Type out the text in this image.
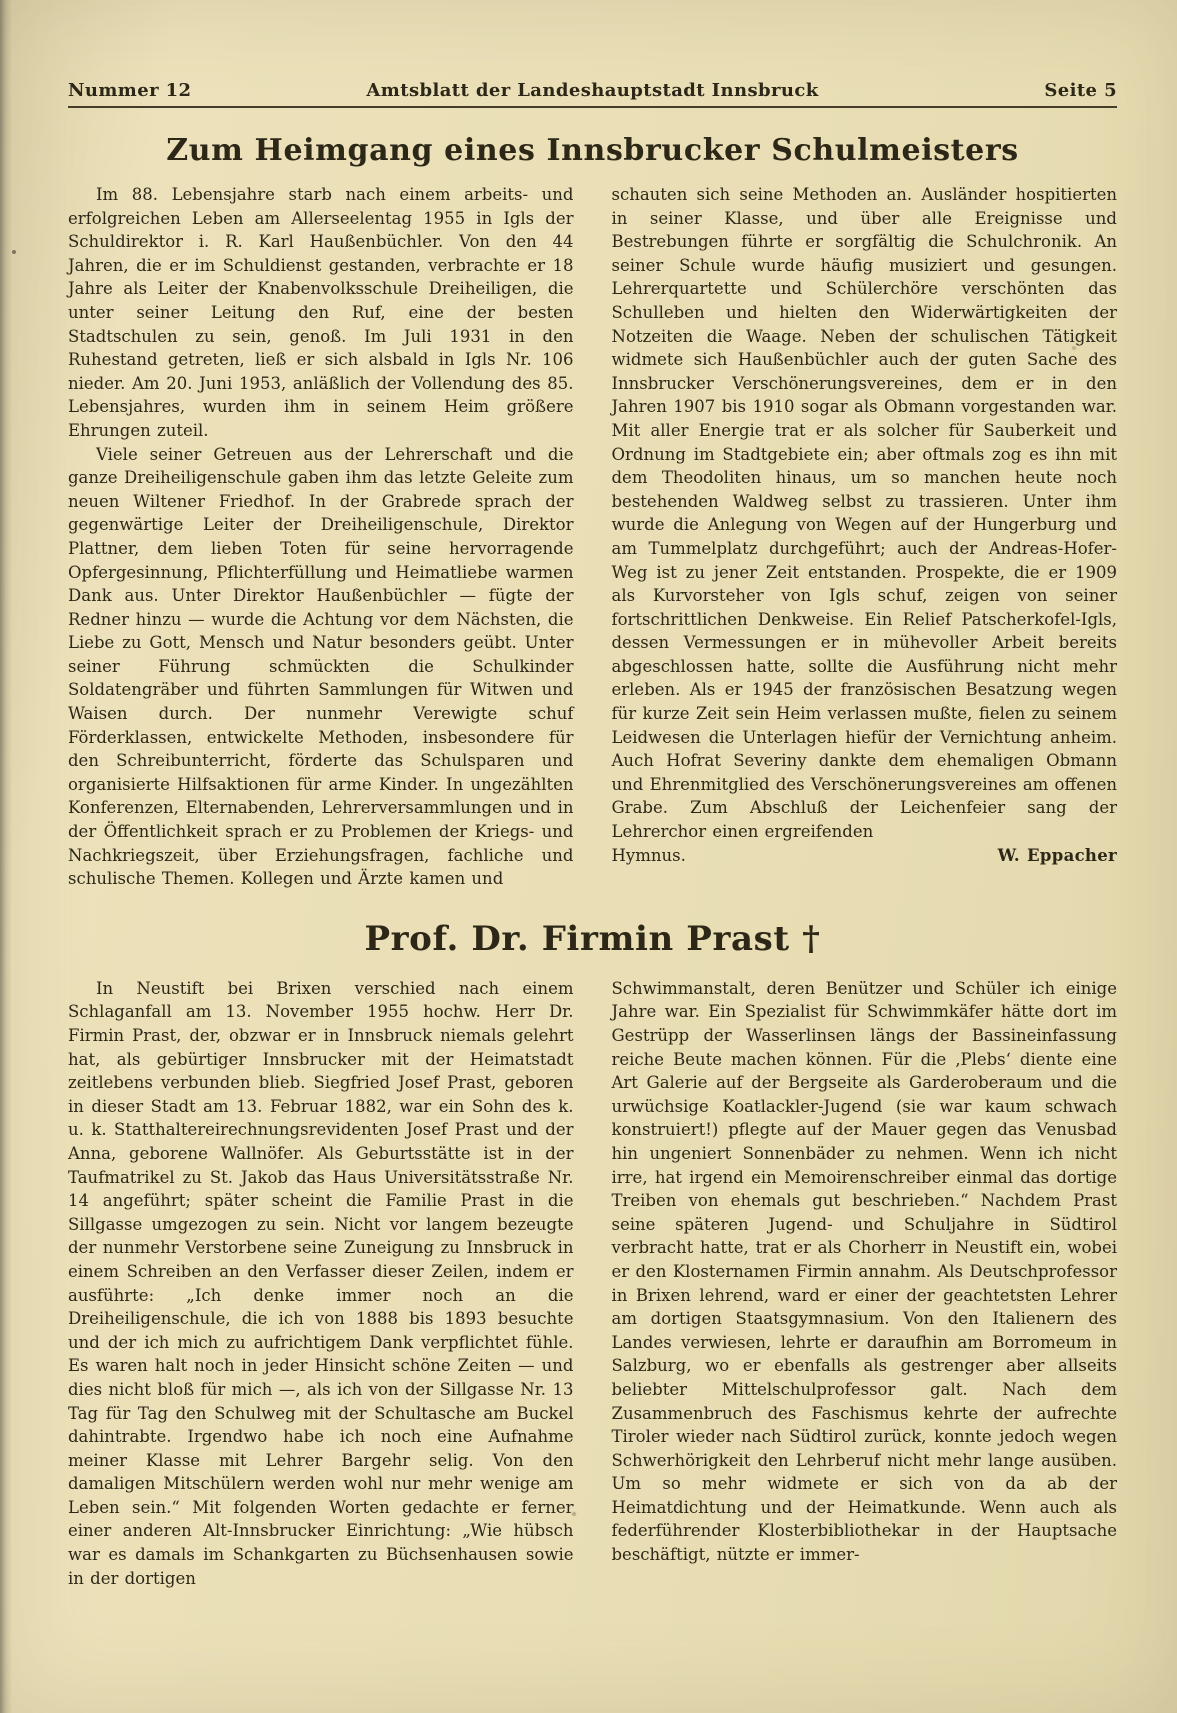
Nummer 12	Amtsblatt der Landeshauptstadt Innsbruck	Seite 5
Zum Heimgang eines Innsbrucker Schulmeisters

Im 88. Lebensjahre starb nach einem arbeits- und erfolgreichen Leben am Allerseelentag 1955 in Igls der Schuldirektor i. R. Karl Haußenbüchler. Von den 44 Jahren, die er im Schuldienst gestanden, verbrachte er 18 Jahre als Leiter der Knabenvolksschule Dreiheiligen, die unter seiner Leitung den Ruf, eine der besten Stadtschulen zu sein, genoß. Im Juli 1931 in den Ruhestand getreten, ließ er sich alsbald in Igls Nr. 106 nieder. Am 20. Juni 1953, anläßlich der Vollendung des 85. Lebensjahres, wurden ihm in seinem Heim größere Ehrungen zuteil.

Viele seiner Getreuen aus der Lehrerschaft und die ganze Dreiheiligenschule gaben ihm das letzte Geleite zum neuen Wiltener Friedhof. In der Grabrede sprach der gegenwärtige Leiter der Dreiheiligenschule, Direktor Plattner, dem lieben Toten für seine hervorragende Opfergesinnung, Pflichterfüllung und Heimatliebe warmen Dank aus. Unter Direktor Haußenbüchler — fügte der Redner hinzu — wurde die Achtung vor dem Nächsten, die Liebe zu Gott, Mensch und Natur besonders geübt. Unter seiner Führung schmückten die Schulkinder Soldatengräber und führten Sammlungen für Witwen und Waisen durch. Der nunmehr Verewigte schuf Förderklassen, entwickelte Methoden, insbesondere für den Schreibunterricht, förderte das Schulsparen und organisierte Hilfsaktionen für arme Kinder. In ungezählten Konferenzen, Elternabenden, Lehrerversammlungen und in der Öffentlichkeit sprach er zu Problemen der Kriegs- und Nachkriegszeit, über Erziehungsfragen, fachliche und schulische Themen. Kollegen und Ärzte kamen und

schauten sich seine Methoden an. Ausländer hospitierten in seiner Klasse, und über alle Ereignisse und Bestrebungen führte er sorgfältig die Schulchronik. An seiner Schule wurde häufig musiziert und gesungen. Lehrerquartette und Schülerchöre verschönten das Schulleben und hielten den Widerwärtigkeiten der Notzeiten die Waage. Neben der schulischen Tätigkeit widmete sich Haußenbüchler auch der guten Sache des Innsbrucker Verschönerungsvereines, dem er in den Jahren 1907 bis 1910 sogar als Obmann vorgestanden war. Mit aller Energie trat er als solcher für Sauberkeit und Ordnung im Stadtgebiete ein; aber oftmals zog es ihn mit dem Theodoliten hinaus, um so manchen heute noch bestehenden Waldweg selbst zu trassieren. Unter ihm wurde die Anlegung von Wegen auf der Hungerburg und am Tummelplatz durchgeführt; auch der Andreas-Hofer-Weg ist zu jener Zeit entstanden. Prospekte, die er 1909 als Kurvorsteher von Igls schuf, zeigen von seiner fortschrittlichen Denkweise. Ein Relief Patscherkofel-Igls, dessen Vermessungen er in mühevoller Arbeit bereits abgeschlossen hatte, sollte die Ausführung nicht mehr erleben. Als er 1945 der französischen Besatzung wegen für kurze Zeit sein Heim verlassen mußte, fielen zu seinem Leidwesen die Unterlagen hiefür der Vernichtung anheim. Auch Hofrat Severiny dankte dem ehemaligen Obmann und Ehrenmitglied des Verschönerungsvereines am offenen Grabe. Zum Abschluß der Leichenfeier sang der Lehrerchor einen ergreifenden

Hymnus.	W. Eppacher
Prof. Dr. Firmin Prast †

In Neustift bei Brixen verschied nach einem Schlaganfall am 13. November 1955 hochw. Herr Dr. Firmin Prast, der, obzwar er in Innsbruck niemals gelehrt hat, als gebürtiger Innsbrucker mit der Heimatstadt zeitlebens verbunden blieb. Siegfried Josef Prast, geboren in dieser Stadt am 13. Februar 1882, war ein Sohn des k. u. k. Statthaltereirechnungsrevidenten Josef Prast und der Anna, geborene Wallnöfer. Als Geburtsstätte ist in der Taufmatrikel zu St. Jakob das Haus Universitätsstraße Nr. 14 angeführt; später scheint die Familie Prast in die Sillgasse umgezogen zu sein. Nicht vor langem bezeugte der nunmehr Verstorbene seine Zuneigung zu Innsbruck in einem Schreiben an den Verfasser dieser Zeilen, indem er ausführte: „Ich denke immer noch an die Dreiheiligenschule, die ich von 1888 bis 1893 besuchte und der ich mich zu aufrichtigem Dank verpflichtet fühle. Es waren halt noch in jeder Hinsicht schöne Zeiten — und dies nicht bloß für mich —, als ich von der Sillgasse Nr. 13 Tag für Tag den Schulweg mit der Schultasche am Buckel dahintrabte. Irgendwo habe ich noch eine Aufnahme meiner Klasse mit Lehrer Bargehr selig. Von den damaligen Mitschülern werden wohl nur mehr wenige am Leben sein.“ Mit folgenden Worten gedachte er ferner einer anderen Alt-Innsbrucker Einrichtung: „Wie hübsch war es damals im Schankgarten zu Büchsenhausen sowie in der dortigen

Schwimmanstalt, deren Benützer und Schüler ich einige Jahre war. Ein Spezialist für Schwimmkäfer hätte dort im Gestrüpp der Wasserlinsen längs der Bassineinfassung reiche Beute machen können. Für die ‚Plebs‘ diente eine Art Galerie auf der Bergseite als Garderoberaum und die urwüchsige Koatlackler-Jugend (sie war kaum schwach konstruiert!) pflegte auf der Mauer gegen das Venusbad hin ungeniert Sonnenbäder zu nehmen. Wenn ich nicht irre, hat irgend ein Memoirenschreiber einmal das dortige Treiben von ehemals gut beschrieben.“ Nachdem Prast seine späteren Jugend- und Schuljahre in Südtirol verbracht hatte, trat er als Chorherr in Neustift ein, wobei er den Klosternamen Firmin annahm. Als Deutschprofessor in Brixen lehrend, ward er einer der geachtetsten Lehrer am dortigen Staatsgymnasium. Von den Italienern des Landes verwiesen, lehrte er daraufhin am Borromeum in Salzburg, wo er ebenfalls als gestrenger aber allseits beliebter Mittelschulprofessor galt. Nach dem Zusammenbruch des Faschismus kehrte der aufrechte Tiroler wieder nach Südtirol zurück, konnte jedoch wegen Schwerhörigkeit den Lehrberuf nicht mehr lange ausüben. Um so mehr widmete er sich von da ab der Heimatdichtung und der Heimatkunde. Wenn auch als federführender Klosterbibliothekar in der Hauptsache beschäftigt, nützte er immer-
